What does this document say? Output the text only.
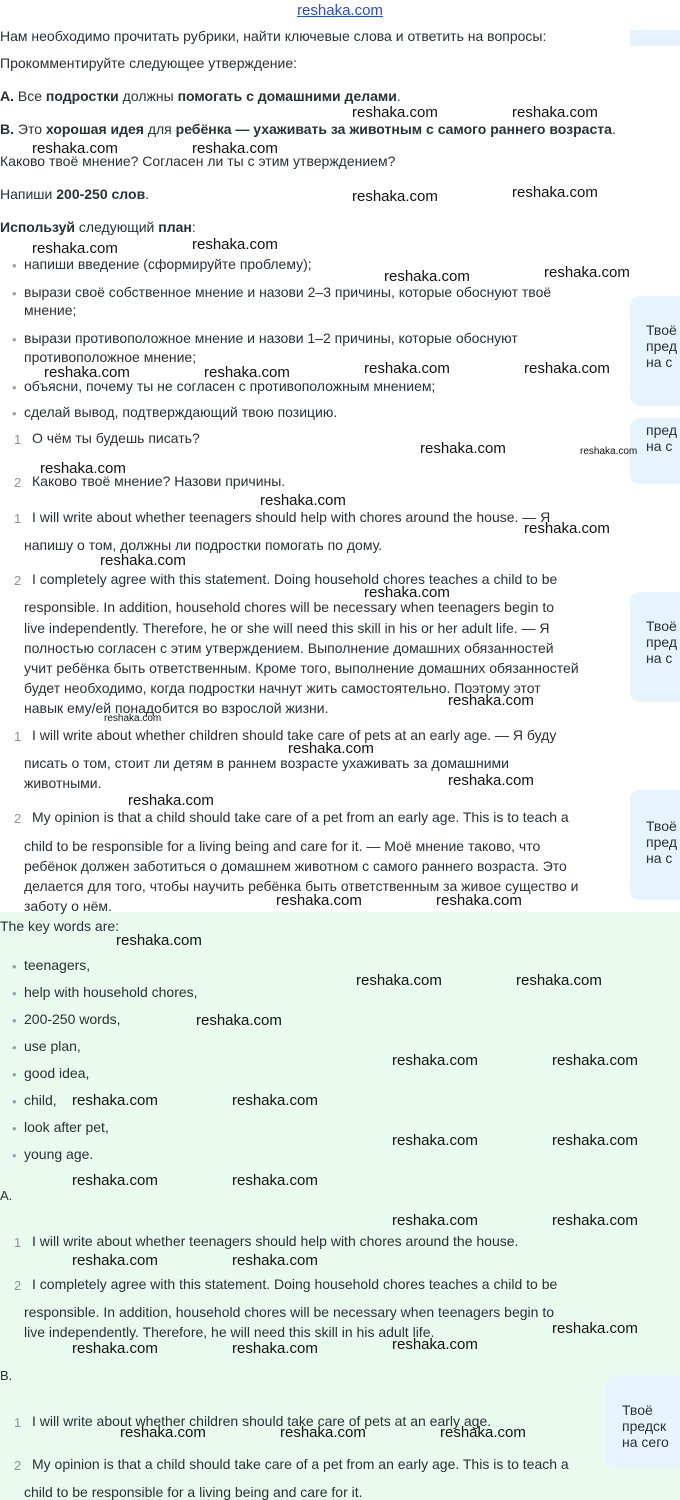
reshaka.com
Нам необходимо прочитать рубрики, найти ключевые слова и ответить на вопросы:
Прокомментируйте следующее утверждение:
A. Все подростки должны помогать с домашними делами.
B. Это хорошая идея для ребёнка — ухаживать за животным с самого раннего возраста.
Каково твоё мнение? Согласен ли ты с этим утверждением?
Напиши 200-250 слов.
Используй следующий план:
• напиши введение (сформируйте проблему);
• вырази своё собственное мнение и назови 2–3 причины, которые обоснуют твоё
мнение;
• вырази противоположное мнение и назови 1–2 причины, которые обоснуют
противоположное мнение;
• объясни, почему ты не согласен с противоположным мнением;
• сделай вывод, подтверждающий твою позицию.
1 О чём ты будешь писать?
2 Каково твоё мнение? Назови причины.
1 I will write about whether teenagers should help with chores around the house. — Я
напишу о том, должны ли подростки помогать по дому.
2 I completely agree with this statement. Doing household chores teaches a child to be
responsible. In addition, household chores will be necessary when teenagers begin to
live independently. Therefore, he or she will need this skill in his or her adult life. — Я
полностью согласен с этим утверждением. Выполнение домашних обязанностей
учит ребёнка быть ответственным. Кроме того, выполнение домашних обязанностей
будет необходимо, когда подростки начнут жить самостоятельно. Поэтому этот
навык ему/ей понадобится во взрослой жизни.
1 I will write about whether children should take care of pets at an early age. — Я буду
писать о том, стоит ли детям в раннем возрасте ухаживать за домашними
животными.
2 My opinion is that a child should take care of a pet from an early age. This is to teach a
child to be responsible for a living being and care for it. — Моё мнение таково, что
ребёнок должен заботиться о домашнем животном с самого раннего возраста. Это
делается для того, чтобы научить ребёнка быть ответственным за живое существо и
заботу о нём.
The key words are:
• teenagers,
• help with household chores,
• 200-250 words,
• use plan,
• good idea,
• child,
• look after pet,
• young age.
A.
1 I will write about whether teenagers should help with chores around the house.
2 I completely agree with this statement. Doing household chores teaches a child to be
responsible. In addition, household chores will be necessary when teenagers begin to
live independently. Therefore, he will need this skill in his adult life.
B.
1 I will write about whether children should take care of pets at an early age.
2 My opinion is that a child should take care of a pet from an early age. This is to teach a
child to be responsible for a living being and care for it.
Твоё
пред
на с
пред
на с
Твоё
пред
на с
Твоё
пред
на с
Твоё
предск
на сего
reshaka.com	reshaka.com
reshaka.com	reshaka.com
reshaka.com	reshaka.com
reshaka.com	reshaka.com
reshaka.com	reshaka.com
reshaka.com	reshaka.com	reshaka.com	reshaka.com
reshaka.com	reshaka.com
reshaka.com
reshaka.com
reshaka.com
reshaka.com
reshaka.com
reshaka.com
reshaka.com
reshaka.com
reshaka.com
reshaka.com
reshaka.com	reshaka.com
reshaka.com
reshaka.com	reshaka.com
reshaka.com
reshaka.com	reshaka.com
reshaka.com	reshaka.com
reshaka.com	reshaka.com
reshaka.com	reshaka.com
reshaka.com	reshaka.com
reshaka.com	reshaka.com
reshaka.com
reshaka.com	reshaka.com	reshaka.com
reshaka.com	reshaka.com	reshaka.com
